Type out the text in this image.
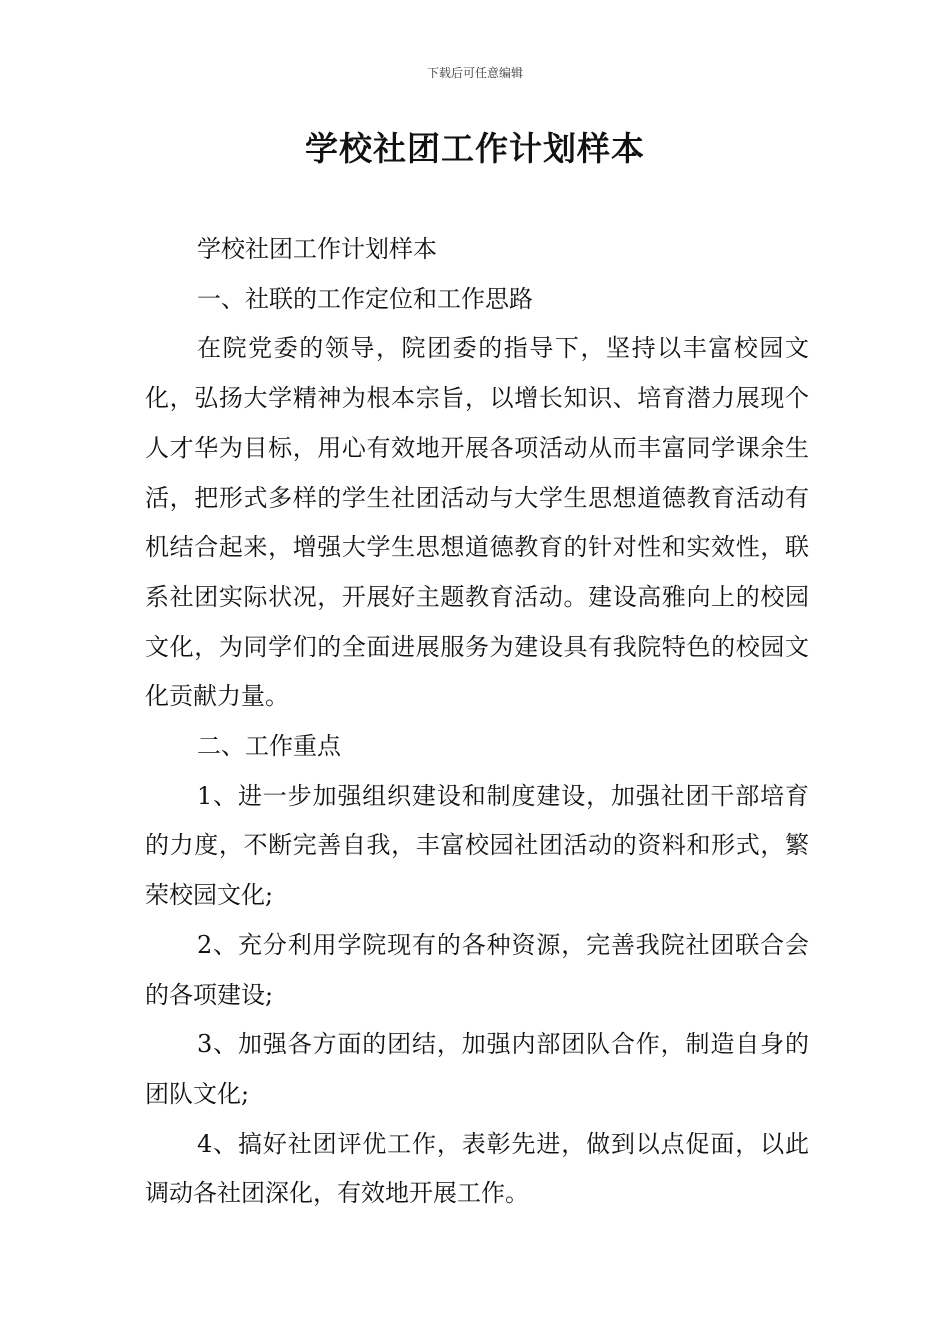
下载后可任意编辑
学校社团工作计划样本

学校社团工作计划样本

一、社联的工作定位和工作思路

在院党委的领导，院团委的指导下，坚持以丰富校园文化，弘扬大学精神为根本宗旨，以增长知识、培育潜力展现个人才华为目标，用心有效地开展各项活动从而丰富同学课余生活，把形式多样的学生社团活动与大学生思想道德教育活动有机结合起来，增强大学生思想道德教育的针对性和实效性，联系社团实际状况，开展好主题教育活动。建设高雅向上的校园文化，为同学们的全面进展服务为建设具有我院特色的校园文化贡献力量。

二、工作重点

1、进一步加强组织建设和制度建设，加强社团干部培育的力度，不断完善自我，丰富校园社团活动的资料和形式，繁荣校园文化;

2、充分利用学院现有的各种资源，完善我院社团联合会的各项建设;

3、加强各方面的团结，加强内部团队合作，制造自身的团队文化;

4、搞好社团评优工作，表彰先进，做到以点促面，以此调动各社团深化，有效地开展工作。
